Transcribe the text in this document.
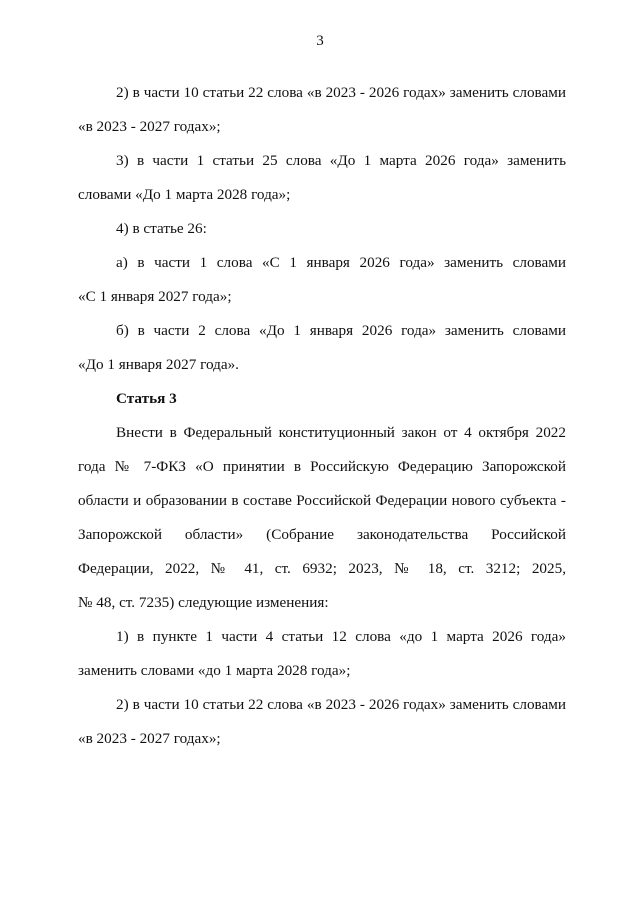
3
2) в части 10 статьи 22 слова «в 2023 - 2026 годах» заменить словами
«в 2023 - 2027 годах»;
3) в части 1 статьи 25 слова «До 1 марта 2026 года» заменить
словами «До 1 марта 2028 года»;
4) в статье 26:
а) в части 1 слова «С 1 января 2026 года» заменить словами
«С 1 января 2027 года»;
б) в части 2 слова «До 1 января 2026 года» заменить словами
«До 1 января 2027 года».
Статья 3
Внести в Федеральный конституционный закон от 4 октября 2022
года № 7-ФКЗ «О принятии в Российскую Федерацию Запорожской
области и образовании в составе Российской Федерации нового субъекта -
Запорожской области» (Собрание законодательства Российской
Федерации, 2022, № 41, ст. 6932; 2023, № 18, ст. 3212; 2025,
№ 48, ст. 7235) следующие изменения:
1) в пункте 1 части 4 статьи 12 слова «до 1 марта 2026 года»
заменить словами «до 1 марта 2028 года»;
2) в части 10 статьи 22 слова «в 2023 - 2026 годах» заменить словами
«в 2023 - 2027 годах»;
